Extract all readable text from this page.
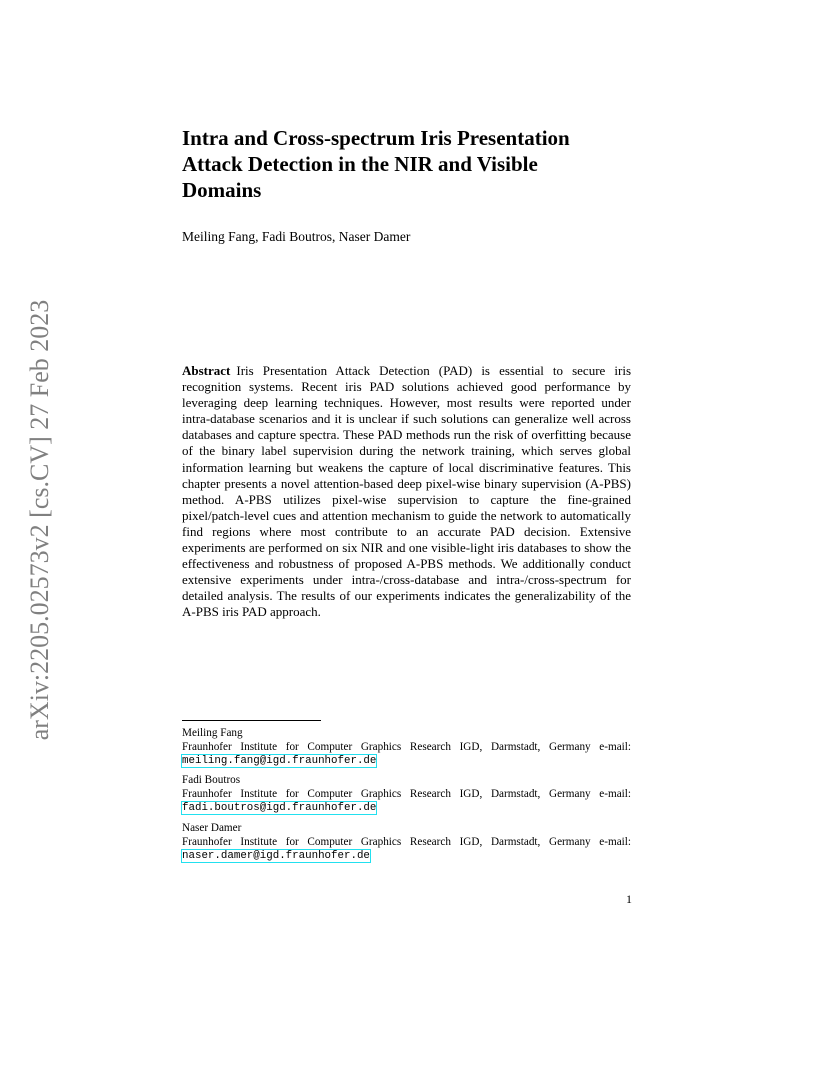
arXiv:2205.02573v2 [cs.CV] 27 Feb 2023
Intra and Cross-spectrum Iris Presentation Attack Detection in the NIR and Visible Domains

Meiling Fang, Fadi Boutros, Naser Damer

Abstract Iris Presentation Attack Detection (PAD) is essential to secure iris recognition systems. Recent iris PAD solutions achieved good performance by leveraging deep learning techniques. However, most results were reported under intra-database scenarios and it is unclear if such solutions can generalize well across databases and capture spectra. These PAD methods run the risk of overfitting because of the binary label supervision during the network training, which serves global information learning but weakens the capture of local discriminative features. This chapter presents a novel attention-based deep pixel-wise binary supervision (A-PBS) method. A-PBS utilizes pixel-wise supervision to capture the fine-grained pixel/patch-level cues and attention mechanism to guide the network to automatically find regions where most contribute to an accurate PAD decision. Extensive experiments are performed on six NIR and one visible-light iris databases to show the effectiveness and robustness of proposed A-PBS methods. We additionally conduct extensive experiments under intra-/cross-database and intra-/cross-spectrum for detailed analysis. The results of our experiments indicates the generalizability of the A-PBS iris PAD approach.

Meiling Fang
Fraunhofer Institute for Computer Graphics Research IGD, Darmstadt, Germany e-mail: meiling.fang@igd.fraunhofer.de

Fadi Boutros
Fraunhofer Institute for Computer Graphics Research IGD, Darmstadt, Germany e-mail: fadi.boutros@igd.fraunhofer.de

Naser Damer
Fraunhofer Institute for Computer Graphics Research IGD, Darmstadt, Germany e-mail: naser.damer@igd.fraunhofer.de

1
